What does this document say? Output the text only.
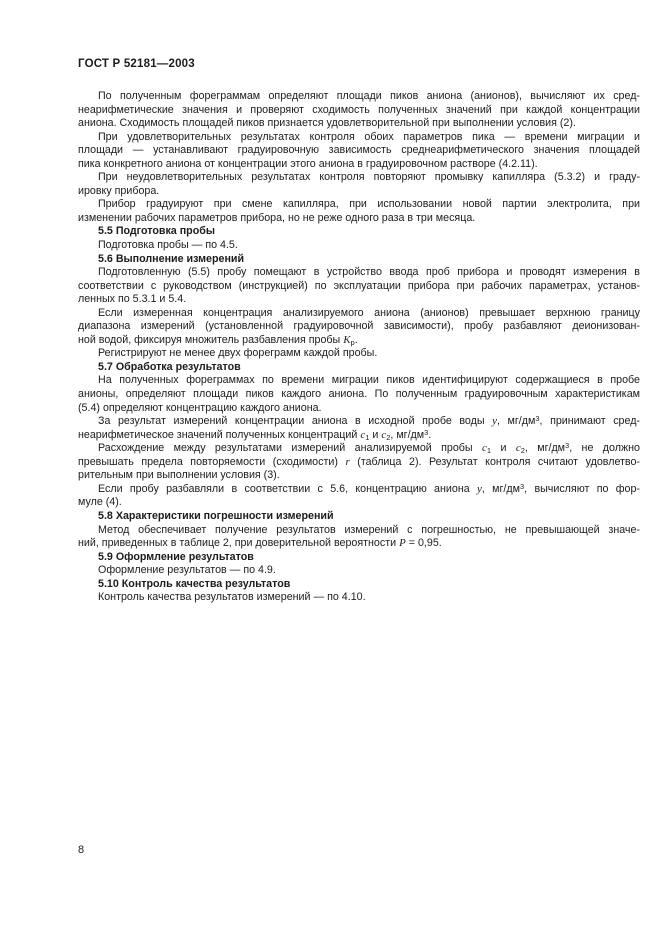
ГОСТ Р 52181—2003
По полученным фореграммам определяют площади пиков аниона (анионов), вычисляют их сред-
неарифметические значения и проверяют сходимость полученных значений при каждой концентрации
аниона. Сходимость площадей пиков признается удовлетворительной при выполнении условия (2).
При удовлетворительных результатах контроля обоих параметров пика — времени миграции и
площади — устанавливают градуировочную зависимость среднеарифметического значения площадей
пика конкретного аниона от концентрации этого аниона в градуировочном растворе (4.2.11).
При неудовлетворительных результатах контроля повторяют промывку капилляра (5.3.2) и граду-
ировку прибора.
Прибор градуируют при смене капилляра, при использовании новой партии электролита, при
изменении рабочих параметров прибора, но не реже одного раза в три месяца.
5.5 Подготовка пробы
Подготовка пробы — по 4.5.
5.6 Выполнение измерений
Подготовленную (5.5) пробу помещают в устройство ввода проб прибора и проводят измерения в
соответствии с руководством (инструкцией) по эксплуатации прибора при рабочих параметрах, установ-
ленных по 5.3.1 и 5.4.
Если измеренная концентрация анализируемого аниона (анионов) превышает верхнюю границу
диапазона измерений (установленной градуировочной зависимости), пробу разбавляют деионизован-
ной водой, фиксируя множитель разбавления пробы $K_р$.
Регистрируют не менее двух фореграмм каждой пробы.
5.7 Обработка результатов
На полученных фореграммах по времени миграции пиков идентифицируют содержащиеся в пробе
анионы, определяют площади пиков каждого аниона. По полученным градуировочным характеристикам
(5.4) определяют концентрацию каждого аниона.
За результат измерений концентрации аниона в исходной пробе воды y, $мг/дм^3$, принимают сред-
неарифметическое значений полученных концентраций $c_1$ и $c_2$, $мг/дм^3$.
Расхождение между результатами измерений анализируемой пробы $c_1$ и $c_2$, $мг/дм^3$, не должно
превышать предела повторяемости (сходимости) r (таблица 2). Результат контроля считают удовлетво-
рительным при выполнении условия (3).
Если пробу разбавляли в соответствии с 5.6, концентрацию аниона y, $мг/дм^3$, вычисляют по фор-
муле (4).
5.8 Характеристики погрешности измерений
Метод обеспечивает получение результатов измерений с погрешностью, не превышающей значе-
ний, приведенных в таблице 2, при доверительной вероятности P = 0,95.
5.9 Оформление результатов
Оформление результатов — по 4.9.
5.10 Контроль качества результатов
Контроль качества результатов измерений — по 4.10.
8
